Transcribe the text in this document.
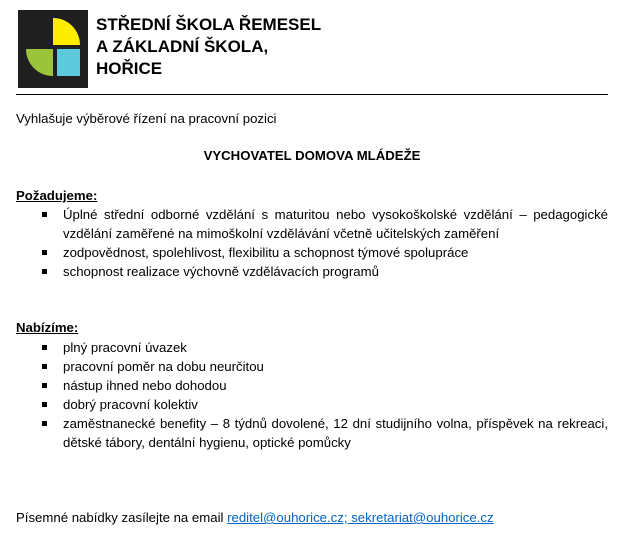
STŘEDNÍ ŠKOLA ŘEMESEL
A ZÁKLADNÍ ŠKOLA,
HOŘICE
Vyhlašuje výběrové řízení na pracovní pozici
VYCHOVATEL DOMOVA MLÁDEŽE
Požadujeme:
Úplné střední odborné vzdělání s maturitou nebo vysokoškolské vzdělání – pedagogické vzdělání zaměřené na mimoškolní vzdělávání včetně učitelských zaměření
zodpovědnost, spolehlivost, flexibilitu a schopnost týmové spolupráce
schopnost realizace výchovně vzdělávacích programů
Nabízíme:
plný pracovní úvazek
pracovní poměr na dobu neurčitou
nástup ihned nebo dohodou
dobrý pracovní kolektiv
zaměstnanecké benefity – 8 týdnů dovolené, 12 dní studijního volna, příspěvek na rekreaci, dětské tábory, dentální hygienu, optické pomůcky
Písemné nabídky zasílejte na email reditel@ouhorice.cz; sekretariat@ouhorice.cz
